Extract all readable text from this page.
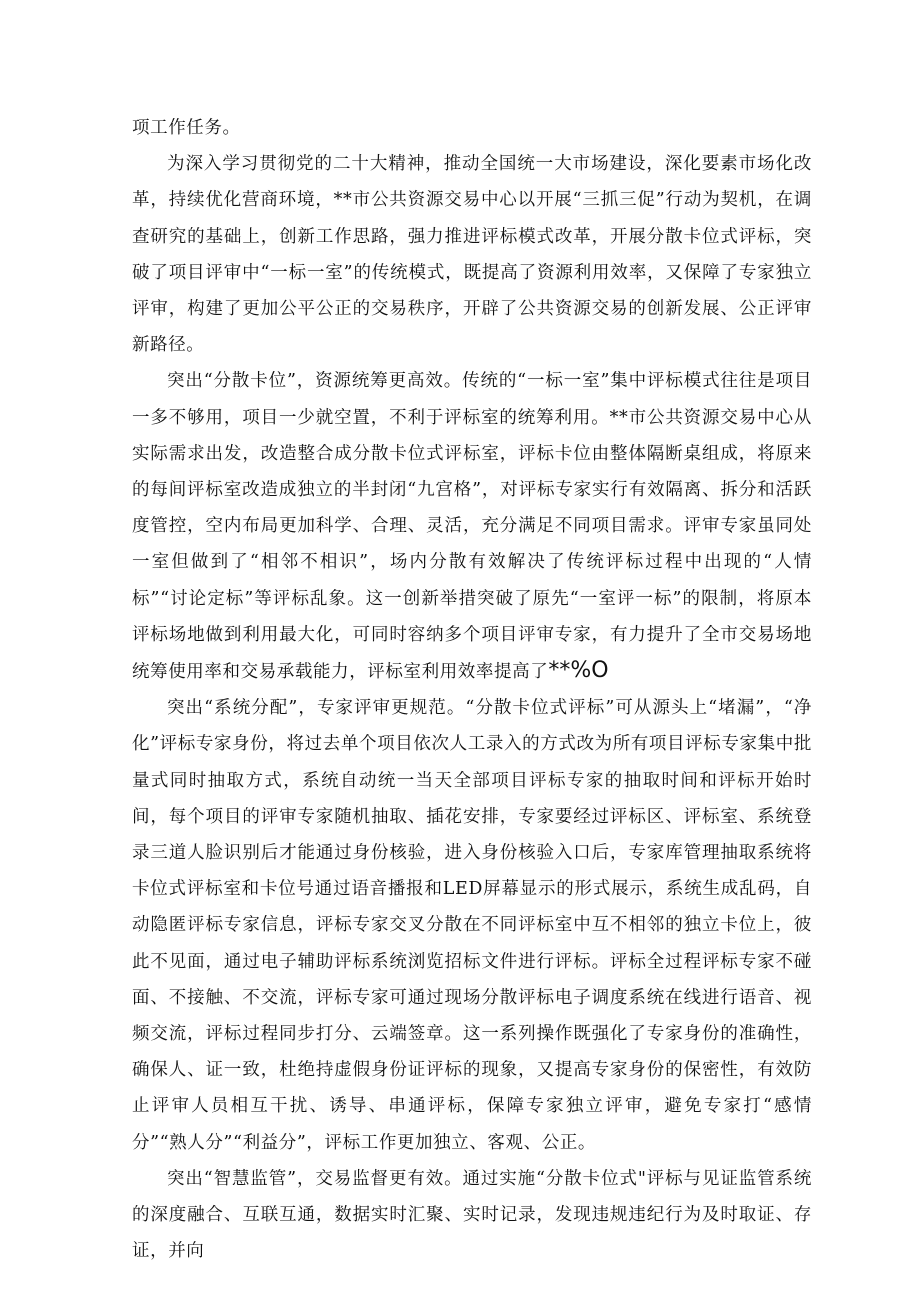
项工作任务。

为深入学习贯彻党的二十大精神，推动全国统一大市场建设，深化要素市场化改革，持续优化营商环境，**市公共资源交易中心以开展“三抓三促”行动为契机，在调查研究的基础上，创新工作思路，强力推进评标模式改革，开展分散卡位式评标，突破了项目评审中“一标一室”的传统模式，既提高了资源利用效率，又保障了专家独立评审，构建了更加公平公正的交易秩序，开辟了公共资源交易的创新发展、公正评审新路径。

突出“分散卡位”，资源统筹更高效。传统的“一标一室”集中评标模式往往是项目一多不够用，项目一少就空置，不利于评标室的统筹利用。**市公共资源交易中心从实际需求出发，改造整合成分散卡位式评标室，评标卡位由整体隔断桌组成，将原来的每间评标室改造成独立的半封闭“九宫格”，对评标专家实行有效隔离、拆分和活跃度管控，空内布局更加科学、合理、灵活，充分满足不同项目需求。评审专家虽同处一室但做到了“相邻不相识”，场内分散有效解决了传统评标过程中出现的“人情标”“讨论定标”等评标乱象。这一创新举措突破了原先“一室评一标”的限制，将原本评标场地做到利用最大化，可同时容纳多个项目评审专家，有力提升了全市交易场地统筹使用率和交易承载能力，评标室利用效率提高了**%O

突出“系统分配”，专家评审更规范。“分散卡位式评标”可从源头上“堵漏”，“净化”评标专家身份，将过去单个项目依次人工录入的方式改为所有项目评标专家集中批量式同时抽取方式，系统自动统一当天全部项目评标专家的抽取时间和评标开始时间，每个项目的评审专家随机抽取、插花安排，专家要经过评标区、评标室、系统登录三道人脸识别后才能通过身份核验，进入身份核验入口后，专家库管理抽取系统将卡位式评标室和卡位号通过语音播报和LED屏幕显示的形式展示，系统生成乱码，自动隐匿评标专家信息，评标专家交叉分散在不同评标室中互不相邻的独立卡位上，彼此不见面，通过电子辅助评标系统浏览招标文件进行评标。评标全过程评标专家不碰面、不接触、不交流，评标专家可通过现场分散评标电子调度系统在线进行语音、视频交流，评标过程同步打分、云端签章。这一系列操作既强化了专家身份的准确性，确保人、证一致，杜绝持虚假身份证评标的现象，又提高专家身份的保密性，有效防止评审人员相互干扰、诱导、串通评标，保障专家独立评审，避免专家打“感情分”“熟人分”“利益分”，评标工作更加独立、客观、公正。

突出“智慧监管”，交易监督更有效。通过实施“分散卡位式"评标与见证监管系统的深度融合、互联互通，数据实时汇聚、实时记录，发现违规违纪行为及时取证、存证，并向
